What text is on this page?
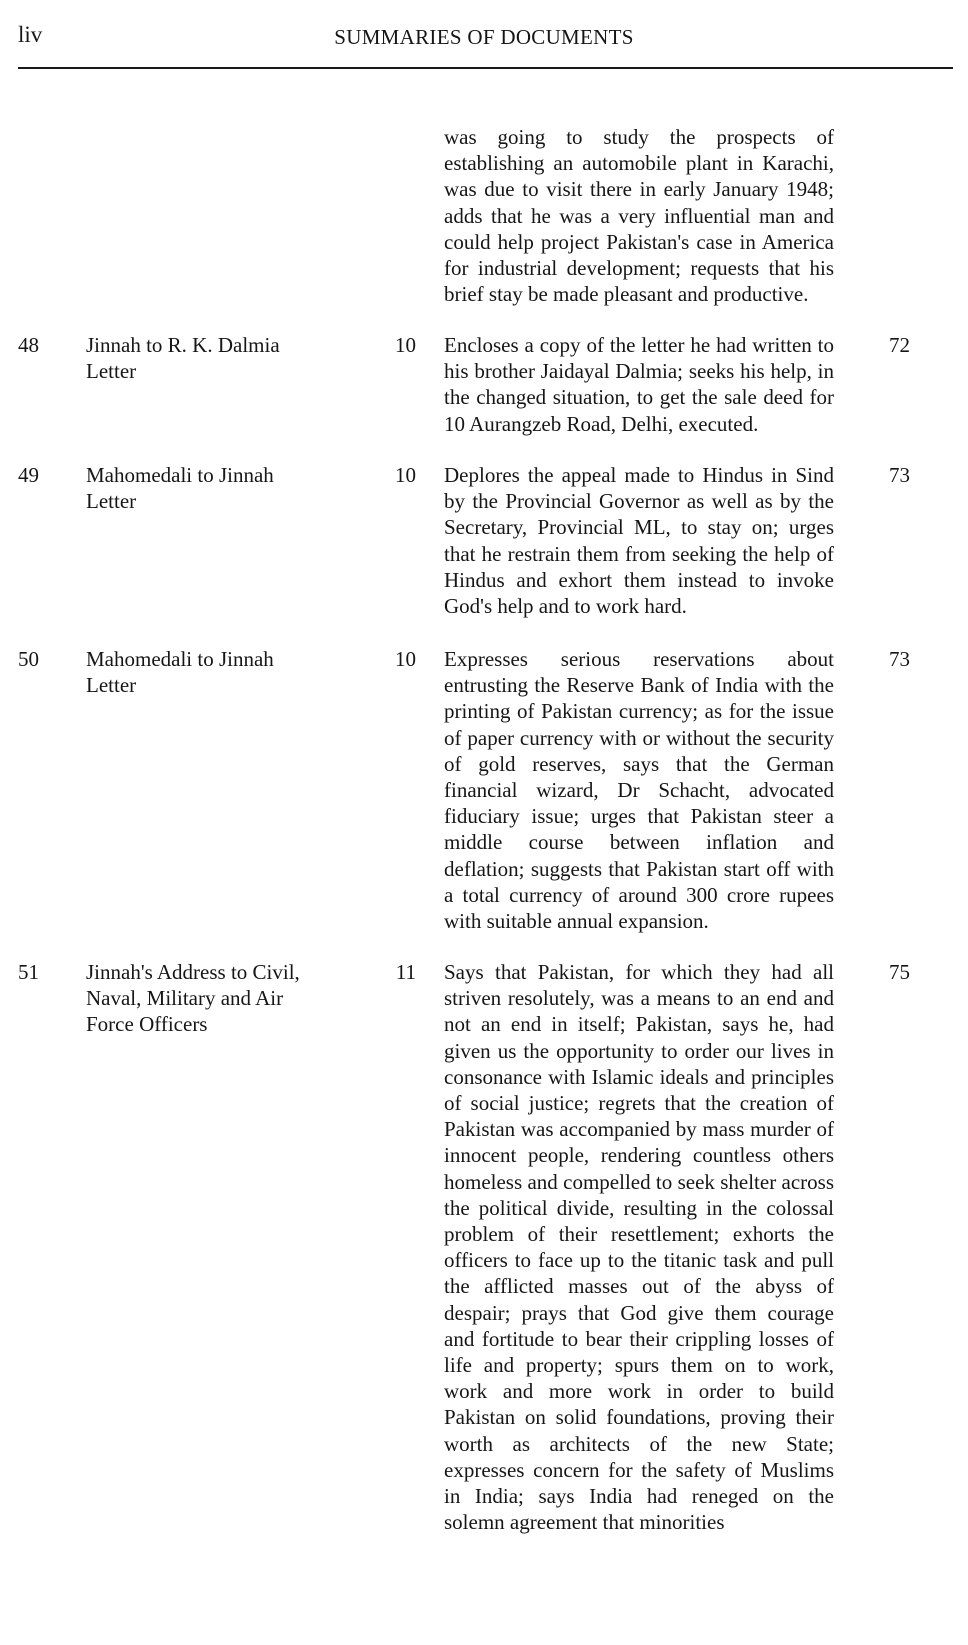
liv	SUMMARIES OF DOCUMENTS
was going to study the prospects of establishing an automobile plant in Karachi, was due to visit there in early January 1948; adds that he was a very influential man and could help project Pakistan's case in America for industrial development; requests that his brief stay be made pleasant and productive.
48 Jinnah to R. K. Dalmia
Letter
10 Encloses a copy of the letter he had written to his brother Jaidayal Dalmia; seeks his help, in the changed situation, to get the sale deed for 10 Aurangzeb Road, Delhi, executed.
72
49 Mahomedali to Jinnah
Letter
10 Deplores the appeal made to Hindus in Sind by the Provincial Governor as well as by the Secretary, Provincial ML, to stay on; urges that he restrain them from seeking the help of Hindus and exhort them instead to invoke God's help and to work hard.
73
50 Mahomedali to Jinnah
Letter
10 Expresses serious reservations about entrusting the Reserve Bank of India with the printing of Pakistan currency; as for the issue of paper currency with or without the security of gold reserves, says that the German financial wizard, Dr Schacht, advocated fiduciary issue; urges that Pakistan steer a middle course between inflation and deflation; suggests that Pakistan start off with a total currency of around 300 crore rupees with suitable annual expansion.
73
51 Jinnah's Address to Civil,
Naval, Military and Air
Force Officers
11 Says that Pakistan, for which they had all striven resolutely, was a means to an end and not an end in itself; Pakistan, says he, had given us the opportunity to order our lives in consonance with Islamic ideals and principles of social justice; regrets that the creation of Pakistan was accompanied by mass murder of innocent people, rendering countless others homeless and compelled to seek shelter across the political divide, resulting in the colossal problem of their resettlement; exhorts the officers to face up to the titanic task and pull the afflicted masses out of the abyss of despair; prays that God give them courage and fortitude to bear their crippling losses of life and property; spurs them on to work, work and more work in order to build Pakistan on solid foundations, proving their worth as architects of the new State; expresses concern for the safety of Muslims in India; says India had reneged on the solemn agreement that minorities
75
